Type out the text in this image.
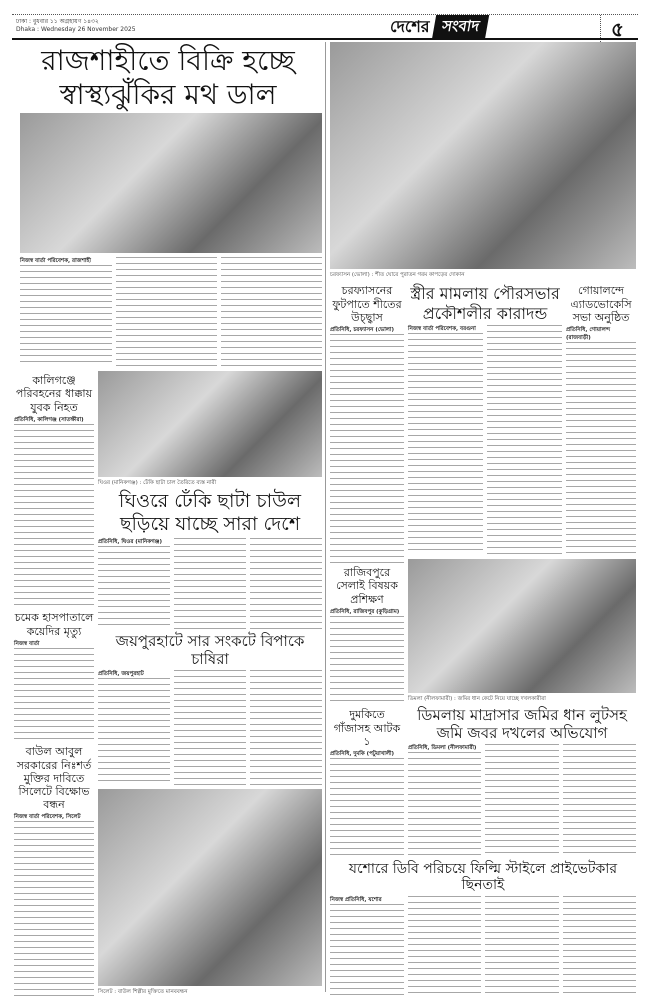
ঢাকা : বুধবার ১১ অগ্রহায়ণ ১৪৩২
Dhaka : Wednesday 26 November 2025	দেশের সংবাদ	৫
রাজশাহীতে বিক্রি হচ্ছে
স্বাস্থ্যঝুঁকির মথ ডাল
নিজস্ব বার্তা পরিবেশক, রাজশাহী
কালিগঞ্জে পরিবহনের ধাক্কায় যুবক নিহত
প্রতিনিধি, কালিগঞ্জ (সাতক্ষীরা)
চমেক হাসপাতালে কয়েদির মৃত্যু
নিজস্ব বার্তা
বাউল আবুল সরকারের নিঃশর্ত মুক্তির দাবিতে সিলেটে বিক্ষোভ বন্ধন
নিজস্ব বার্তা পরিবেশক, সিলেট
ঘিওর (মানিকগঞ্জ) : ঢেঁকি ছাটা চাল তৈরিতে ব্যস্ত নারী
ঘিওরে ঢেঁকি ছাটা চাউল
ছড়িয়ে যাচ্ছে সারা দেশে
প্রতিনিধি, ঘিওর (মানিকগঞ্জ)
জয়পুরহাটে সার সংকটে বিপাকে চাষিরা
প্রতিনিধি, জয়পুরহাট
সিলেট : বাউল শিল্পীর মুক্তিতে মানববন্ধন
চরফ্যাসন (ভোলা) : শীত ঘোরে পুরাতন গরম কাপড়ের দোকান
চরফ্যাসনের ফুটপাতে শীতের উচ্ছ্বাস
প্রতিনিধি, চরফ্যাসন (ভোলা)
রাজিবপুরে সেলাই বিষয়ক প্রশিক্ষণ
প্রতিনিধি, রাজিবপুর (কুড়িগ্রাম)
দুমকিতে গাঁজাসহ আটক ১
প্রতিনিধি, দুমকি (পটুয়াখালী)
স্ত্রীর মামলায় পৌরসভার
প্রকৌশলীর কারাদন্ড
নিজস্ব বার্তা পরিবেশক, বরগুনা
গোয়ালন্দে এ্যাডভোকেসি সভা অনুষ্ঠিত
প্রতিনিধি, গোয়ালন্দ (রাজবাড়ী)
ডিমলা (নীলফামারী) : জমির ধান কেটে নিয়ে যাচ্ছে দখলকারীরা
ডিমলায় মাদ্রাসার জমির ধান লুটসহ
জমি জবর দখলের অভিযোগ
প্রতিনিধি, ডিমলা (নীলফামারী)
যশোরে ডিবি পরিচয়ে ফিল্মি স্টাইলে প্রাইভেটকার ছিনতাই
নিজস্ব প্রতিনিধি, যশোর
